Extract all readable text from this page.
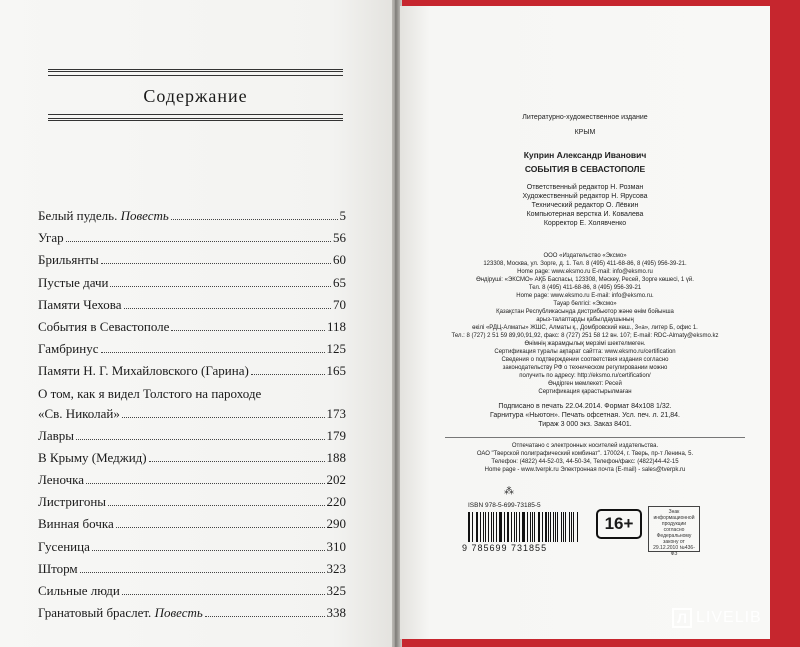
Содержание
Белый пудель. Повесть	5
Угар	56
Брильянты	60
Пустые дачи	65
Памяти Чехова	70
События в Севастополе	118
Гамбринус	125
Памяти Н. Г. Михайловского (Гарина)	165
О том, как я видел Толстого на пароходе
«Св. Николай»	173
Лавры	179
В Крыму (Меджид)	188
Леночка	202
Листригоны	220
Винная бочка	290
Гусеница	310
Шторм	323
Сильные люди	325
Гранатовый браслет. Повесть	338
Литературно-художественное издание
КРЫМ
Куприн Александр Иванович
СОБЫТИЯ В СЕВАСТОПОЛЕ
Ответственный редактор Н. Розман
Художественный редактор Н. Ярусова
Технический редактор О. Лёвкин
Компьютерная верстка И. Ковалева
Корректор Е. Холявченко
ООО «Издательство «Эксмо»
123308, Москва, ул. Зорге, д. 1. Тел. 8 (495) 411-68-86, 8 (495) 956-39-21.
Home page: www.eksmo.ru E-mail: info@eksmo.ru
Өндіруші: «ЭКСМО» АҚБ Баспасы, 123308, Мәскеу, Ресей, Зорге көшесі, 1 үй.
Тел. 8 (495) 411-68-86, 8 (495) 956-39-21
Home page: www.eksmo.ru E-mail: info@eksmo.ru.
Тауар белгісі: «Эксмо»
Қазақстан Республикасында дистрибьютор және өнім бойынша
арыз-талаптарды қабылдаушының
өкілі «РДЦ-Алматы» ЖШС, Алматы қ., Домбровский көш., 3«а», литер Б, офис 1.
Тел.: 8 (727) 2 51 59 89,90,91,92, факс: 8 (727) 251 58 12 вн. 107; E-mail: RDC-Almaty@eksmo.kz
Өнімнің жарамдылық мерзімі шектелмеген.
Сертификация туралы ақпарат сайтта: www.eksmo.ru/certification
Сведения о подтверждении соответствия издания согласно
законодательству РФ о техническом регулировании можно
получить по адресу: http://eksmo.ru/certification/
Өндірген мемлекет: Ресей
Сертификация қарастырылмаған
Подписано в печать 22.04.2014. Формат 84х108 1/32.
Гарнитура «Ньютон». Печать офсетная. Усл. печ. л. 21,84.
Тираж 3 000 экз. Заказ 8401.
Отпечатано с электронных носителей издательства.
ОАО "Тверской полиграфический комбинат". 170024, г. Тверь, пр-т Ленина, 5.
Телефон: (4822) 44-52-03, 44-50-34, Телефон/факс: (4822)44-42-15
Home page - www.tverpk.ru Электронная почта (E-mail) - sales@tverpk.ru
⁂
ISBN 978-5-699-73185-5
9 785699 731855
16+
Знак информационной продукции согласно Федеральному закону от 29.12.2010 №436-ФЗ
Л LIVELIB
